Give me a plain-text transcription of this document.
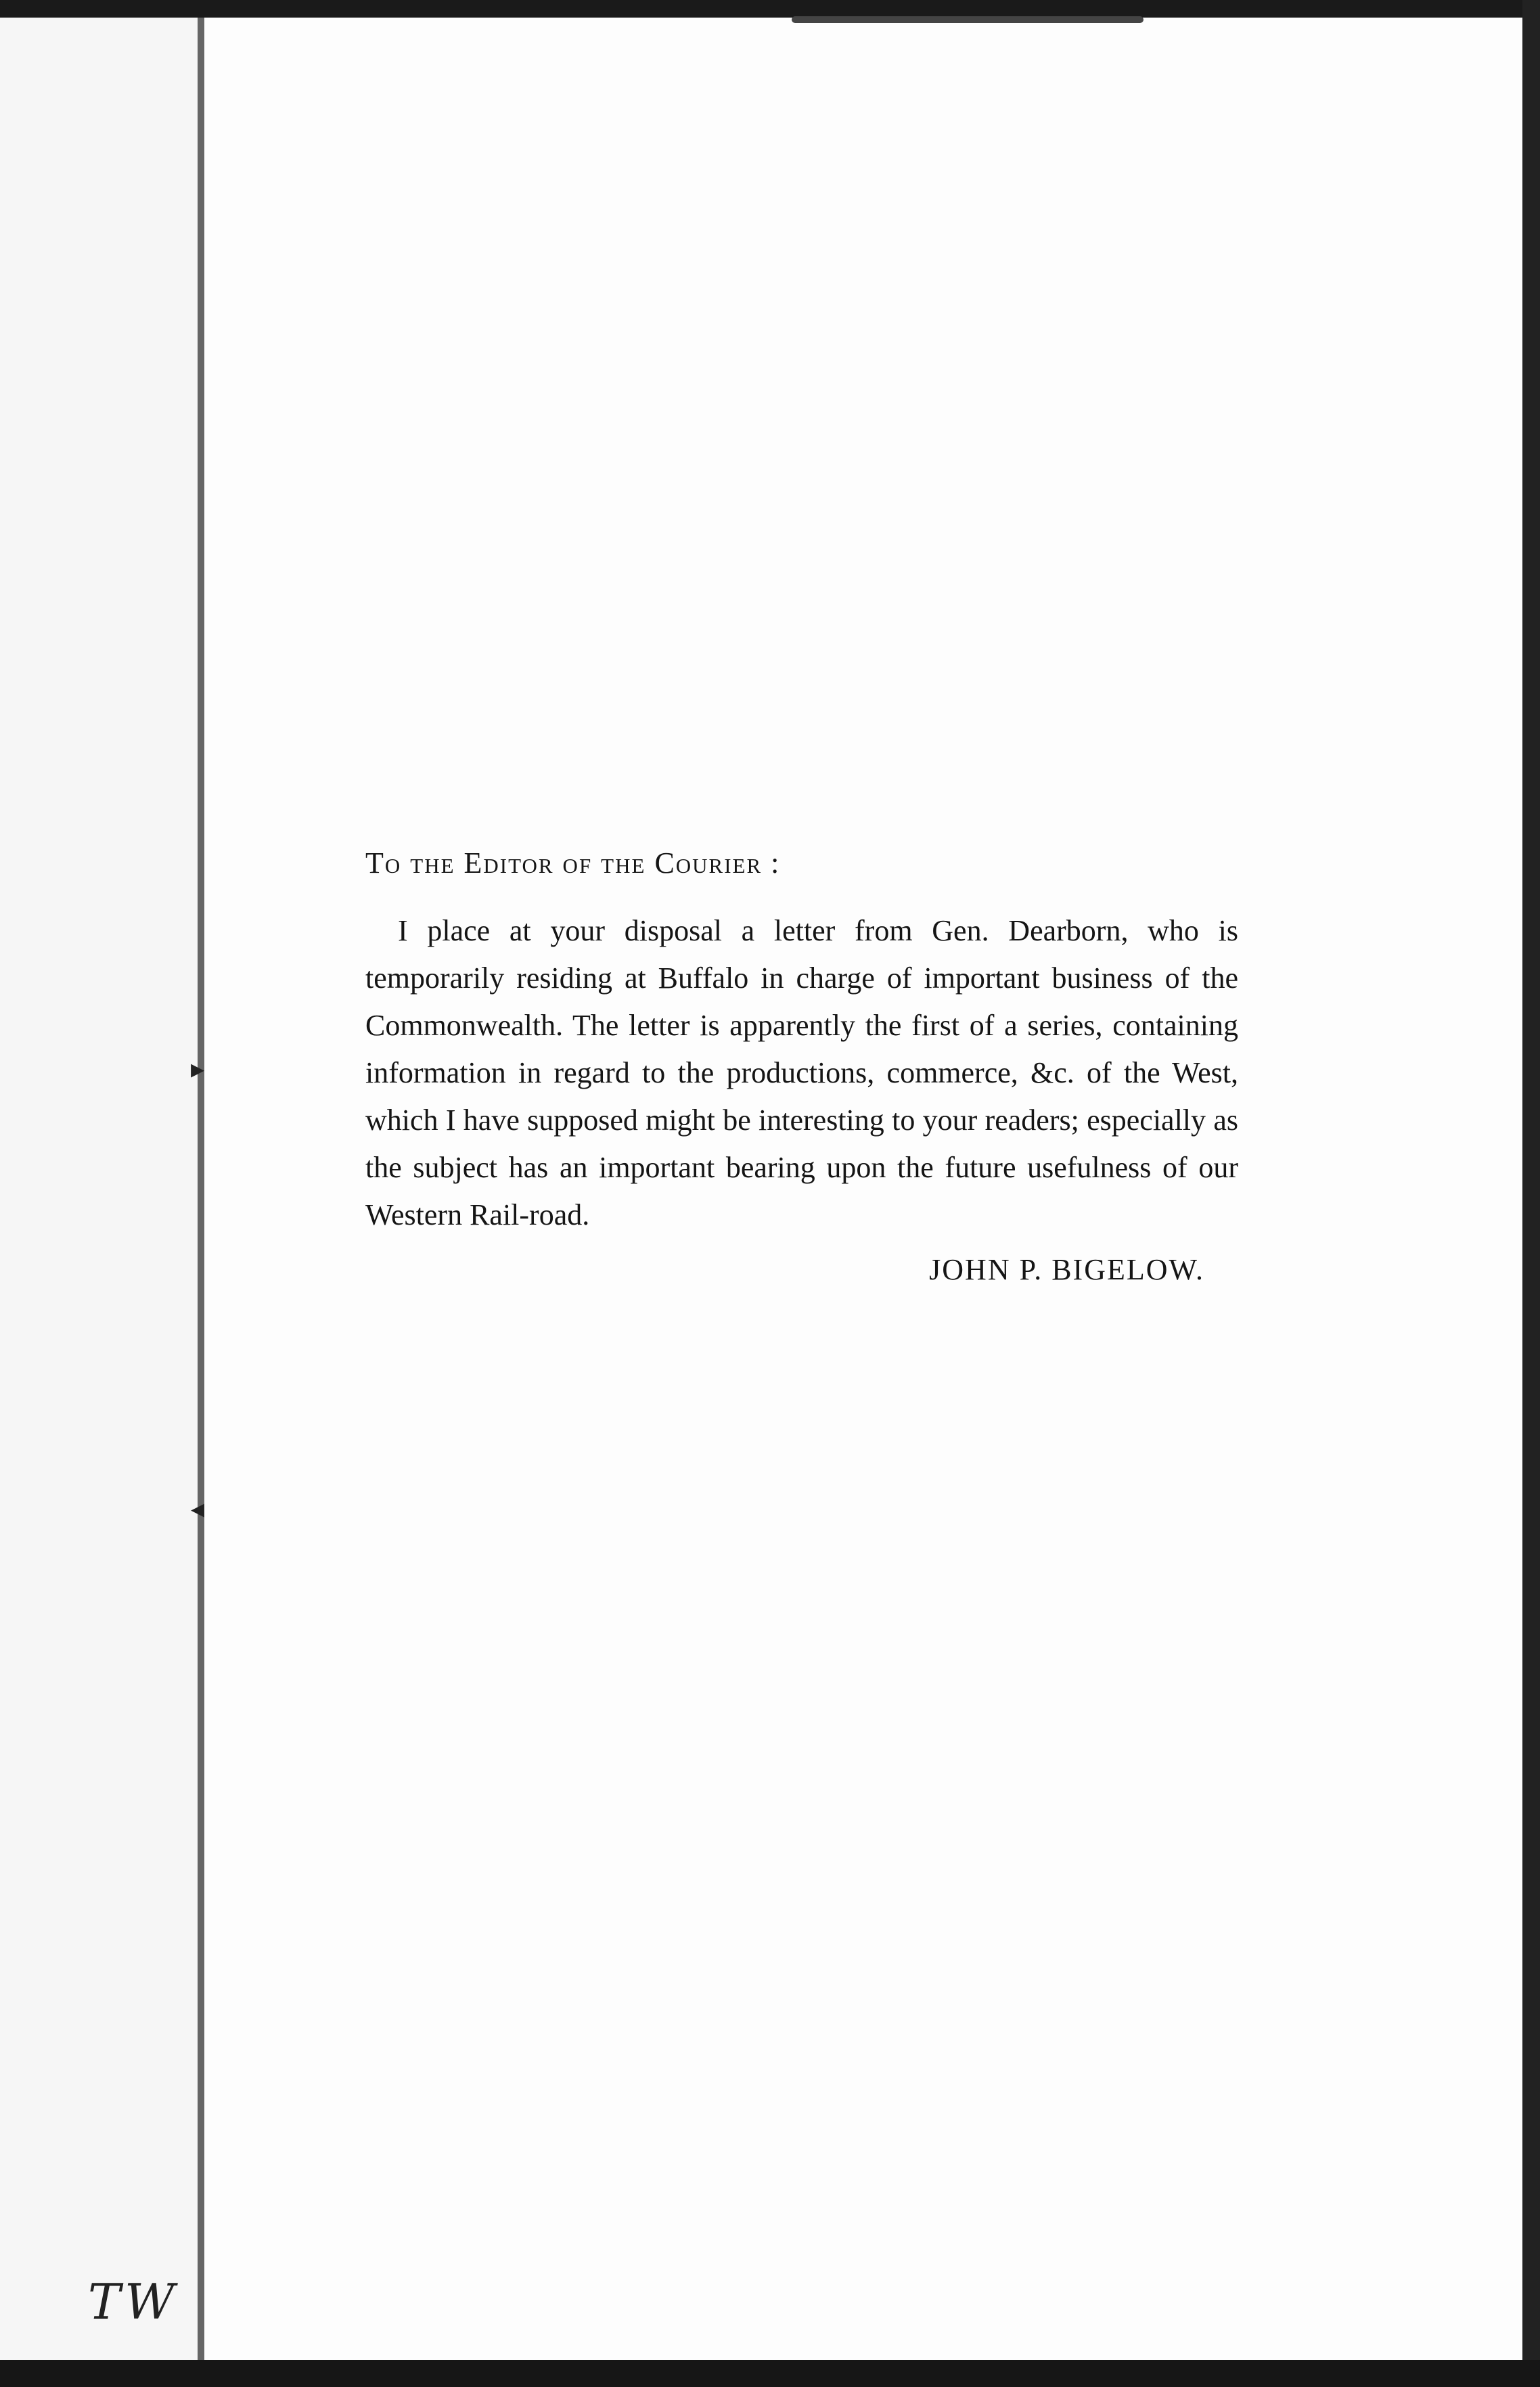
▸
◂
TW

To the Editor of the Courier :

I place at your disposal a letter from Gen. Dearborn, who is temporarily residing at Buffalo in charge of important business of the Commonwealth. The letter is apparently the first of a series, containing information in regard to the productions, commerce, &c. of the West, which I have supposed might be interesting to your readers; especially as the subject has an important bearing upon the future usefulness of our Western Rail-road.

JOHN P. BIGELOW.
